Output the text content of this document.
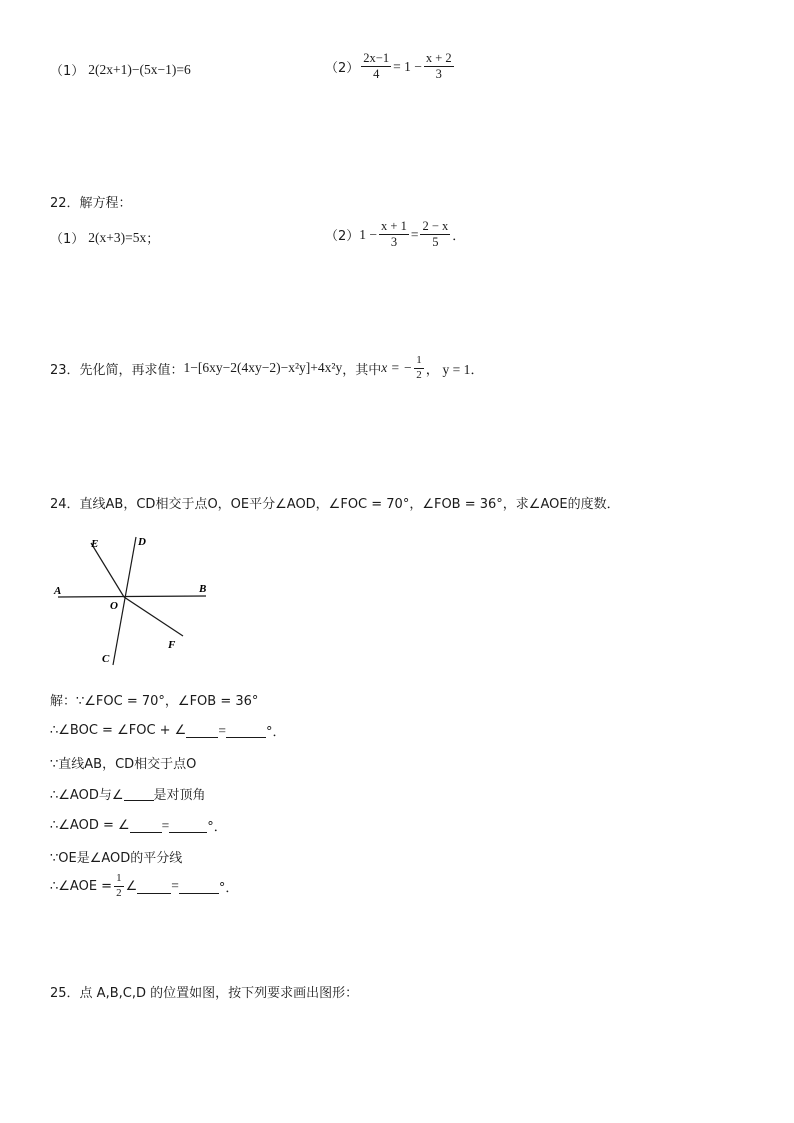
（1） 2(2x+1)−(5x−1)=6	$(2) \frac{2x-1}{4} = 1 - \frac{x + 2}{3}$
22．解方程：
（1） 2(x+3)=5x ；	（2） $1 - \frac{x + 1}{3} = \frac{2 - x}{5}$ ．
23．先化简，再求值： 1−[6xy−2(4xy−2)−x²y]+4x²y ，其中 x = − $\frac{1}{2}$ ， y = 1 ．
24．直线AB，CD相交于点O，OE平分∠AOD，∠FOC = 70°，∠FOB = 36°，求∠AOE的度数．
A	B
C
D
E
F
O
解：∵∠FOC = 70°，∠FOB = 36°
∴∠BOC = ∠FOC + ∠ =	°．
∵直线AB，CD相交于点O
∴∠AOD与∠ 是对顶角
∴∠AOD = ∠ =	°．
∵OE是∠AOD的平分线
∴∠AOE = $\frac{1}{2}$ ∠	=	°．
25．点 A,B,C,D 的位置如图，按下列要求画出图形：
